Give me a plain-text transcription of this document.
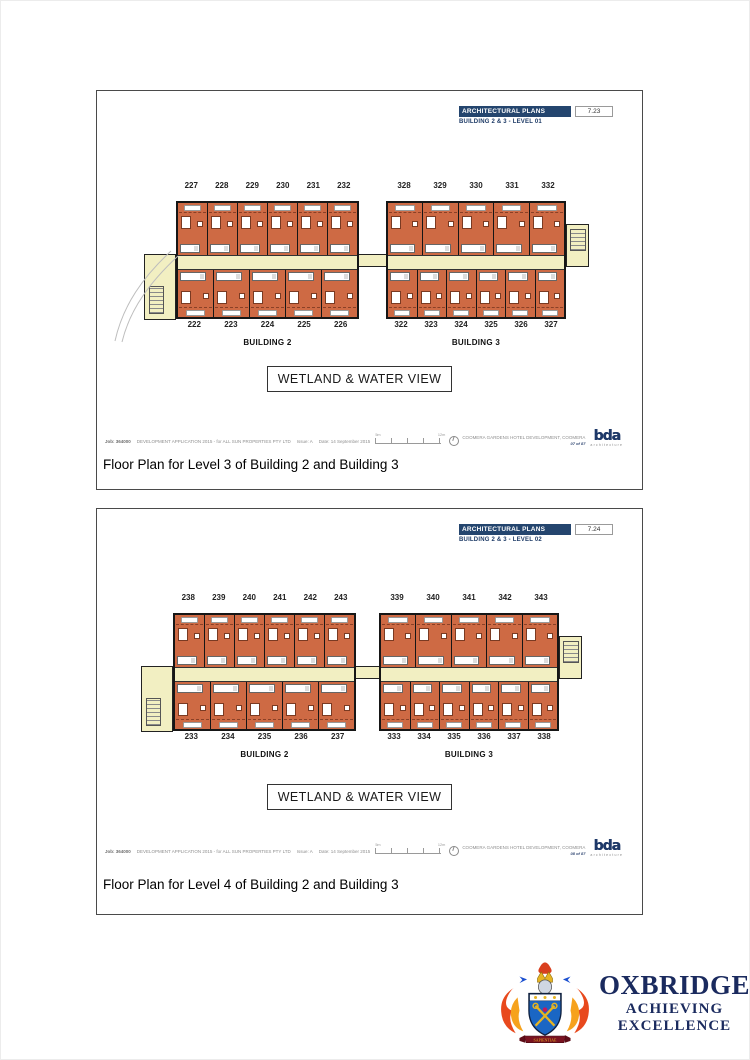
ARCHITECTURAL PLANS	7.23
BUILDING 2 & 3 - LEVEL 01
227	228	229	230	231	232
222	223	224	225	226
BUILDING 2
328	329	330	331	332
322	323	324	325	326	327
BUILDING 3
WETLAND & WATER VIEW
Job: 364000 DEVELOPMENT APPLICATION 2015 - for ALL SUN PROPERTIES PTY LTD Issue: A Date: 14 September 2015
5m	12m
COOMERA GARDENS HOTEL DEVELOPMENT, COOMERA
07 of 87 bda
architecture
Floor Plan for Level 3 of Building 2 and Building 3
ARCHITECTURAL PLANS	7.24
BUILDING 2 & 3 - LEVEL 02
238	239	240	241	242	243
233	234	235	236	237
BUILDING 2
339	340	341	342	343
333	334	335	336	337	338
BUILDING 3
WETLAND & WATER VIEW
Job: 364000 DEVELOPMENT APPLICATION 2015 - for ALL SUN PROPERTIES PTY LTD Issue: A Date: 14 September 2015
5m	12m
COOMERA GARDENS HOTEL DEVELOPMENT, COOMERA
08 of 87 bda
architecture
Floor Plan for Level 4 of Building 2 and Building 3
SAPIENTIAE
OXBRIDGE
ACHIEVING
EXCELLENCE
